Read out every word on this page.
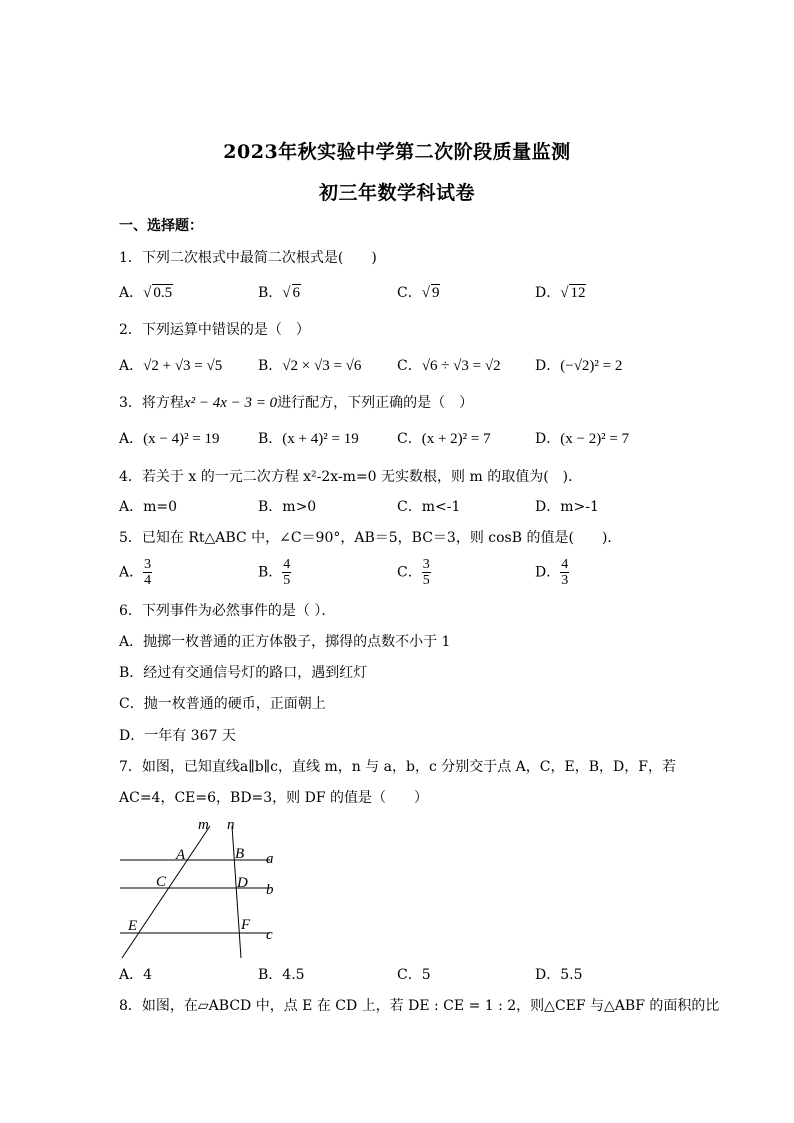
2023年秋实验中学第二次阶段质量监测
初三年数学科试卷
一、选择题：
1．下列二次根式中最简二次根式是(　　)
A．√ 0.5	B．√ 6	C．√ 9	D．√ 12
2．下列运算中错误的是（　）
A．√2 + √3 = √5	B．√2 × √3 = √6	C．√6 ÷ √3 = √2 D．(−√2)² = 2
3．将方程x² − 4x − 3 = 0进行配方，下列正确的是（　）
A．(x − 4)² = 19	B．(x + 4)² = 19	C．(x + 2)² = 7	D．(x − 2)² = 7
4．若关于 x 的一元二次方程 x²-2x-m=0 无实数根，则 m 的取值为(　)．
A．m=0	B．m>0	C．m<-1	D．m>-1
5．已知在 Rt△ABC 中，∠C＝90°，AB＝5，BC＝3，则 cosB 的值是(　　)．
A． $\frac{3}{4}$	B． $\frac{4}{5}$	C． $\frac{3}{5}$	D． $\frac{4}{3}$
6．下列事件为必然事件的是（ ）．
A．抛掷一枚普通的正方体骰子，掷得的点数不小于 1
B．经过有交通信号灯的路口，遇到红灯
C．抛一枚普通的硬币，正面朝上
D．一年有 367 天
7．如图，已知直线a∥b∥c，直线 m，n 与 a，b，c 分别交于点 A，C，E，B，D，F，若
AC=4，CE=6，BD=3，则 DF 的值是（　　）
m n
A	B
C	D
E	F
a
b
c
A．4	B．4.5	C．5	D．5.5
8．如图，在▱ABCD 中，点 E 在 CD 上，若 DE : CE = 1 : 2，则△CEF 与△ABF 的面积的比
